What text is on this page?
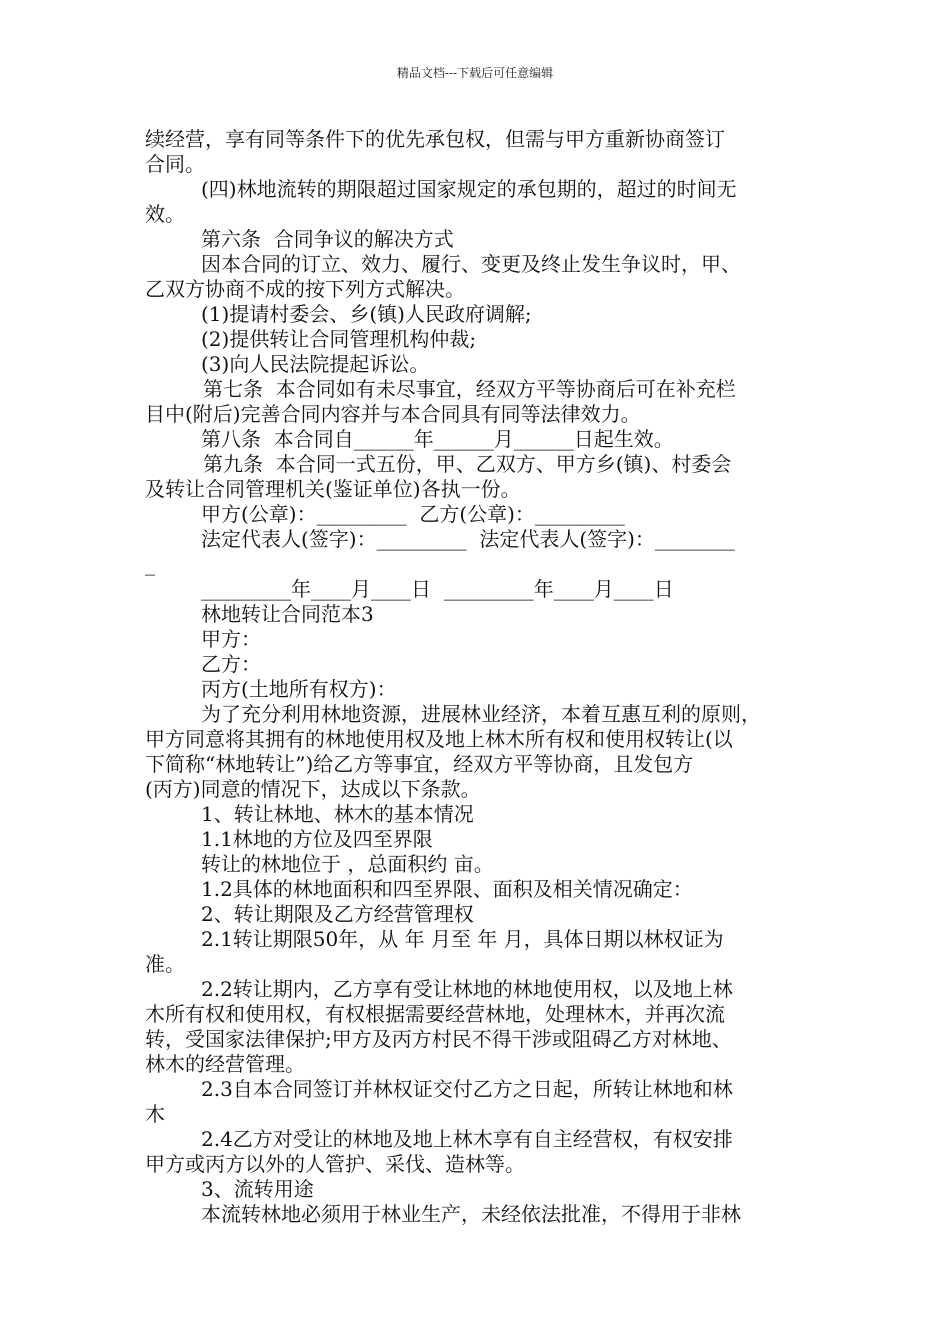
精品文档---下载后可任意编辑
续经营，享有同等条件下的优先承包权，但需与甲方重新协商签订
合同。
(四)林地流转的期限超过国家规定的承包期的，超过的时间无
效。
第六条  合同争议的解决方式
因本合同的订立、效力、履行、变更及终止发生争议时，甲、
乙双方协商不成的按下列方式解决。
(1)提请村委会、乡(镇)人民政府调解;
(2)提供转让合同管理机构仲裁;
(3)向人民法院提起诉讼。
第七条  本合同如有未尽事宜，经双方平等协商后可在补充栏
目中(附后)完善合同内容并与本合同具有同等法律效力。
第八条  本合同自______年______月______日起生效。
第九条  本合同一式五份，甲、乙双方、甲方乡(镇)、村委会
及转让合同管理机关(鉴证单位)各执一份。
甲方(公章)：_________  乙方(公章)：_________
法定代表人(签字)：_________  法定代表人(签字)：________
_
_________年____月____日  _________年____月____日
林地转让合同范本3
甲方：
乙方：
丙方(土地所有权方)：
为了充分利用林地资源，进展林业经济，本着互惠互利的原则，
甲方同意将其拥有的林地使用权及地上林木所有权和使用权转让(以
下简称“林地转让”)给乙方等事宜，经双方平等协商，且发包方
(丙方)同意的情况下，达成以下条款。
1、转让林地、林木的基本情况
1.1林地的方位及四至界限
转让的林地位于 ，总面积约 亩。
1.2具体的林地面积和四至界限、面积及相关情况确定：
2、转让期限及乙方经营管理权
2.1转让期限50年，从 年 月至 年 月，具体日期以林权证为
准。
2.2转让期内，乙方享有受让林地的林地使用权，以及地上林
木所有权和使用权，有权根据需要经营林地，处理林木，并再次流
转，受国家法律保护;甲方及丙方村民不得干涉或阻碍乙方对林地、
林木的经营管理。
2.3自本合同签订并林权证交付乙方之日起，所转让林地和林
木
2.4乙方对受让的林地及地上林木享有自主经营权，有权安排
甲方或丙方以外的人管护、采伐、造林等。
3、流转用途
本流转林地必须用于林业生产，未经依法批准，不得用于非林
